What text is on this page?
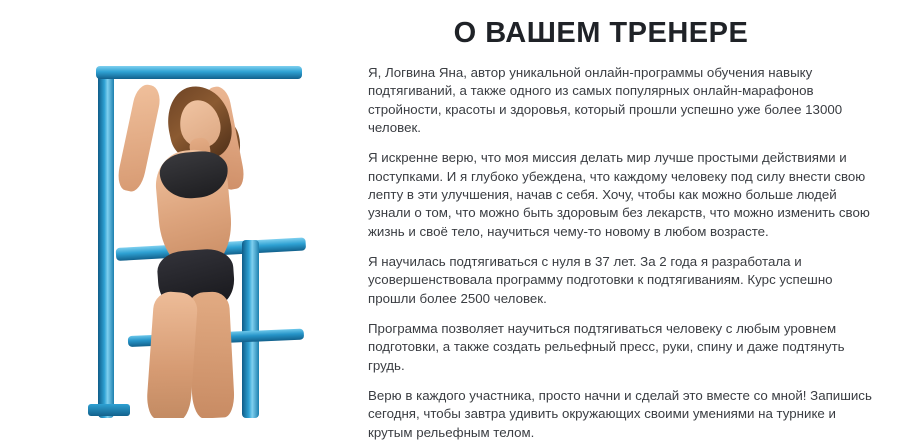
О ВАШЕМ ТРЕНЕРЕ

Я, Логвина Яна, автор уникальной онлайн-программы обучения навыку подтягиваний, а также одного из самых популярных онлайн-марафонов стройности, красоты и здоровья, который прошли успешно уже более 13000 человек.

Я искренне верю, что моя миссия делать мир лучше простыми действиями и поступками. И я глубоко убеждена, что каждому человеку под силу внести свою лепту в эти улучшения, начав с себя. Хочу, чтобы как можно больше людей узнали о том, что можно быть здоровым без лекарств, что можно изменить свою жизнь и своё тело, научиться чему-то новому в любом возрасте.

Я научилась подтягиваться с нуля в 37 лет. За 2 года я разработала и усовершенствовала программу подготовки к подтягиваниям. Курс успешно прошли более 2500 человек.

Программа позволяет научиться подтягиваться человеку с любым уровнем подготовки, а также создать рельефный пресс, руки, спину и даже подтянуть грудь.

Верю в каждого участника, просто начни и сделай это вместе со мной! Запишись сегодня, чтобы завтра удивить окружающих своими умениями на турнике и крутым рельефным телом.
